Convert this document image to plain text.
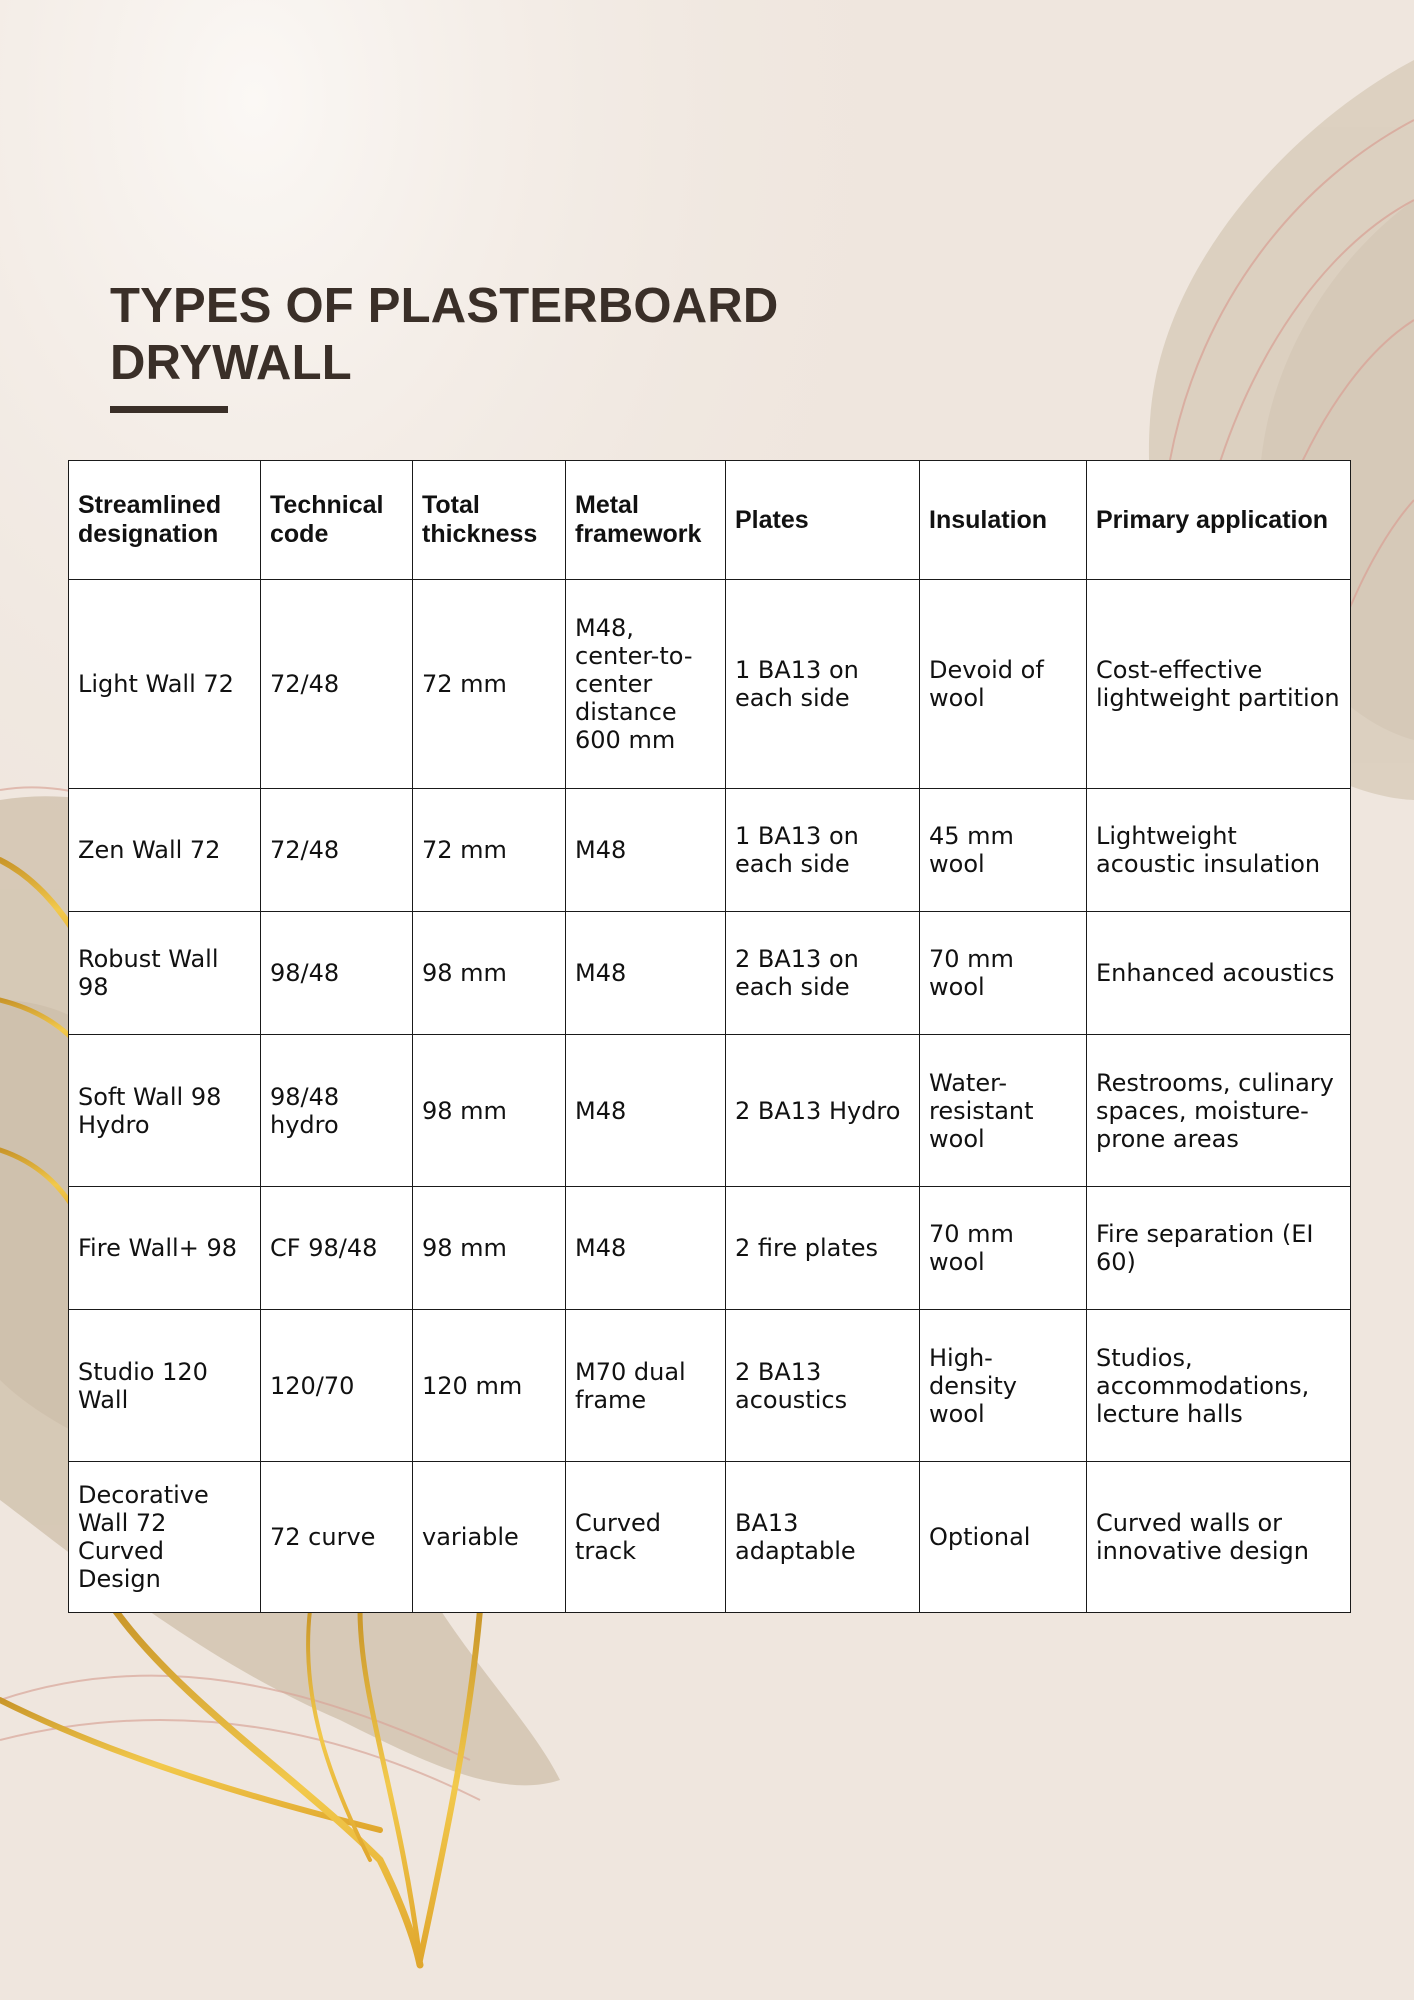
TYPES OF PLASTERBOARD DRYWALL
Streamlined designation	Technical code	Total thickness	Metal framework	Plates	Insulation	Primary application
Light Wall 72	72/48	72 mm	M48, center-to-center distance 600 mm	1 BA13 on each side	Devoid of wool	Cost-effective lightweight partition
Zen Wall 72	72/48	72 mm	M48	1 BA13 on each side	45 mm wool	Lightweight acoustic insulation
Robust Wall 98	98/48	98 mm	M48	2 BA13 on each side	70 mm wool	Enhanced acoustics
Soft Wall 98 Hydro	98/48 hydro	98 mm	M48	2 BA13 Hydro	Water-resistant wool	Restrooms, culinary spaces, moisture-prone areas
Fire Wall+ 98	CF 98/48	98 mm	M48	2 fire plates	70 mm wool	Fire separation (EI 60)
Studio 120 Wall	120/70	120 mm	M70 dual frame	2 BA13 acoustics	High-density wool	Studios, accommodations, lecture halls
Decorative Wall 72 Curved Design	72 curve	variable	Curved track	BA13 adaptable	Optional	Curved walls or innovative design
